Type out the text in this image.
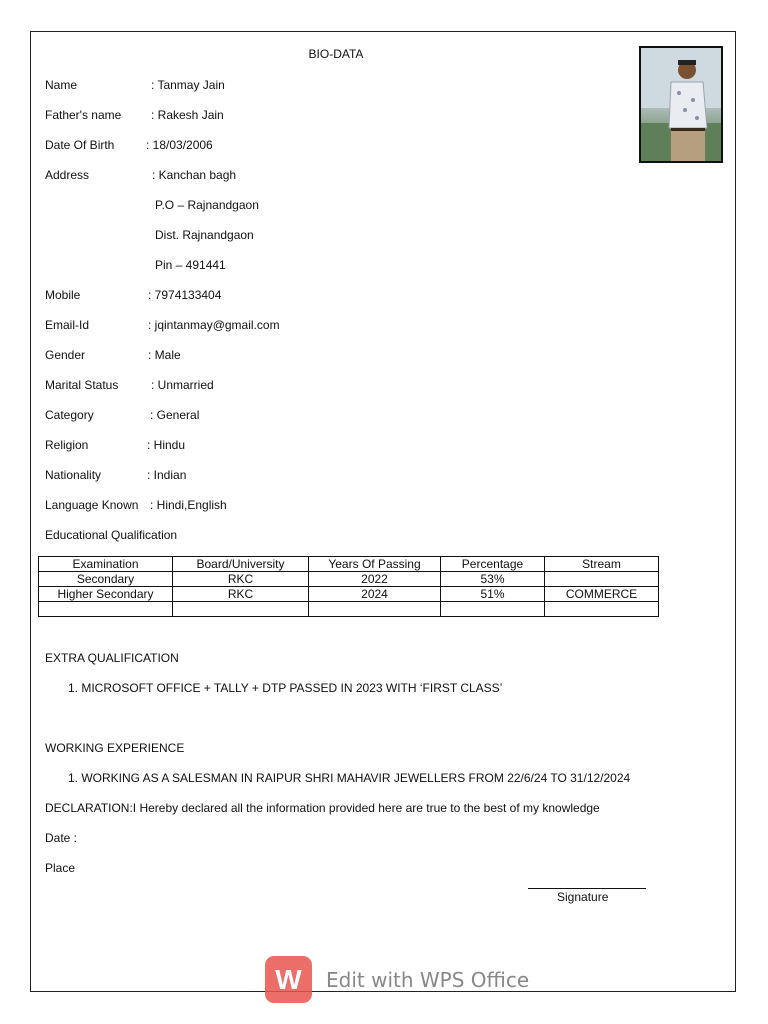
BIO-DATA
Name	: Tanmay Jain
Father's name : Rakesh Jain
Date Of Birth	: 18/03/2006
Address	: Kanchan bagh
P.O – Rajnandgaon
Dist. Rajnandgaon
Pin – 491441
Mobile	: 7974133404
Email-Id	: jqintanmay@gmail.com
Gender	: Male
Marital Status	: Unmarried
Category	: General
Religion	: Hindu
Nationality	: Indian
Language Known : Hindi,English
Educational Qualification
Examination	Board/University	Years Of Passing	Percentage	Stream
Secondary	RKC	2022	53%	
Higher Secondary	RKC	2024	51%	COMMERCE

EXTRA QUALIFICATION
1. MICROSOFT OFFICE + TALLY + DTP PASSED IN 2023 WITH ‘FIRST CLASS’
WORKING EXPERIENCE
1. WORKING AS A SALESMAN IN RAIPUR SHRI MAHAVIR JEWELLERS FROM 22/6/24 TO 31/12/2024
DECLARATION:I Hereby declared all the information provided here are true to the best of my knowledge
Date :
Place
Signature
W	Edit with WPS Office
